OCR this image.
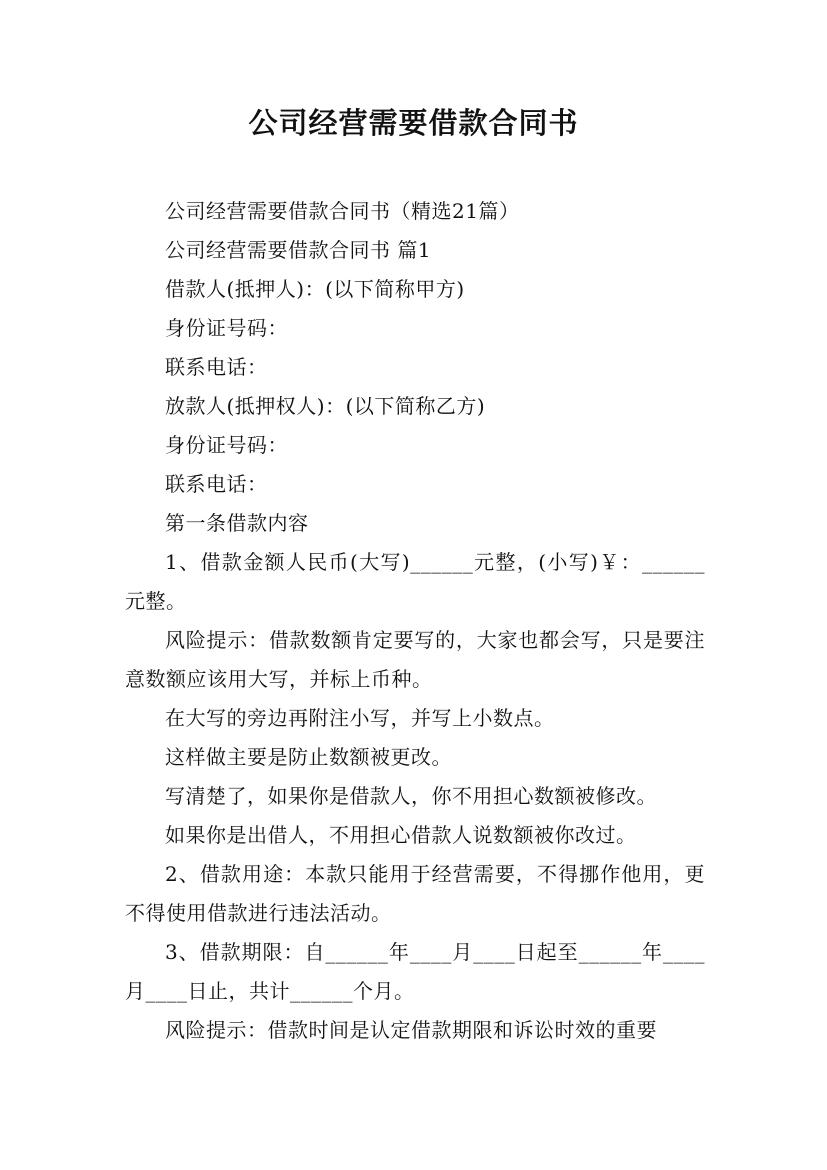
公司经营需要借款合同书

公司经营需要借款合同书（精选21篇）

公司经营需要借款合同书 篇1

借款人(抵押人)：(以下简称甲方)

身份证号码：

联系电话：

放款人(抵押权人)：(以下简称乙方)

身份证号码：

联系电话：

第一条借款内容

1、借款金额人民币(大写)______元整，(小写)￥：______元整。

风险提示：借款数额肯定要写的，大家也都会写，只是要注意数额应该用大写，并标上币种。

在大写的旁边再附注小写，并写上小数点。

这样做主要是防止数额被更改。

写清楚了，如果你是借款人，你不用担心数额被修改。

如果你是出借人，不用担心借款人说数额被你改过。

2、借款用途：本款只能用于经营需要，不得挪作他用，更不得使用借款进行违法活动。

3、借款期限：自______年____月____日起至______年____月____日止，共计______个月。

风险提示：借款时间是认定借款期限和诉讼时效的重要
